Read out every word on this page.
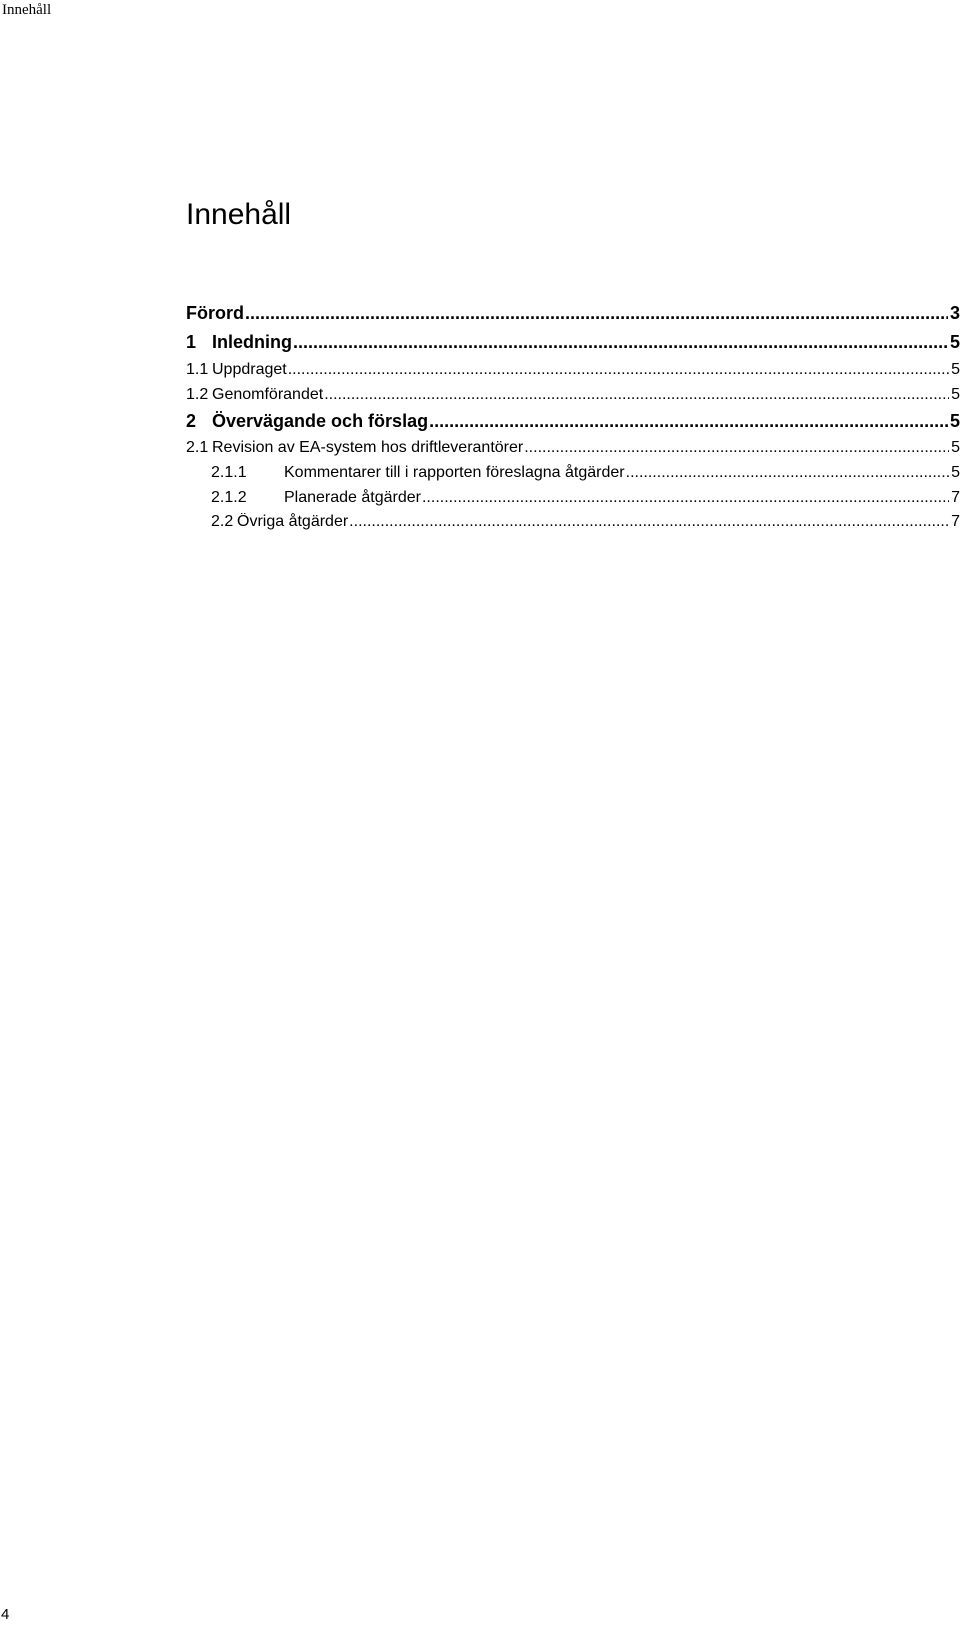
Innehåll
Innehåll
Förord .....	3
1 Inledning .....	5
1.1 Uppdraget .....	5
1.2 Genomförandet .....	5
2 Övervägande och förslag .....	5
2.1 Revision av EA-system hos driftleverantörer .....	5
2.1.1	Kommentarer till i rapporten föreslagna åtgärder .....	5
2.1.2	Planerade åtgärder .....	7
2.2 Övriga åtgärder .....	7
4
